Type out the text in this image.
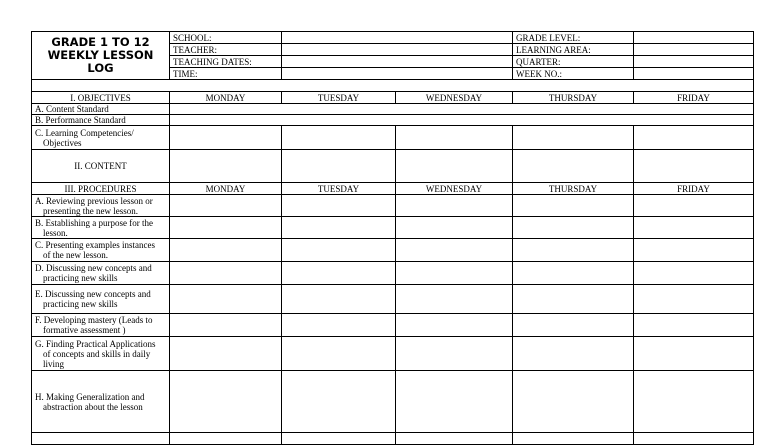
GRADE 1 TO 12
WEEKLY LESSON
LOG	SCHOOL:			GRADE LEVEL:	
	TEACHER:			LEARNING AREA:	
	TEACHING DATES:			QUARTER:	
	TIME:			WEEK NO.:	

I. OBJECTIVES	MONDAY	TUESDAY	WEDNESDAY	THURSDAY	FRIDAY
A. Content Standard					
B. Performance Standard					
C. Learning Competencies/
Objectives					

II. CONTENT					
III. PROCEDURES	MONDAY	TUESDAY	WEDNESDAY	THURSDAY	FRIDAY
A. Reviewing previous lesson or
presenting the new lesson.					

B. Establishing a purpose for the
lesson.					

C. Presenting examples instances
of the new lesson.					

D. Discussing new concepts and
practicing new skills					

E. Discussing new concepts and
practicing new skills					

F. Developing mastery (Leads to
formative assessment )					

G. Finding Practical Applications
of concepts and skills in daily
living					

H. Making Generalization and
abstraction about the lesson					
